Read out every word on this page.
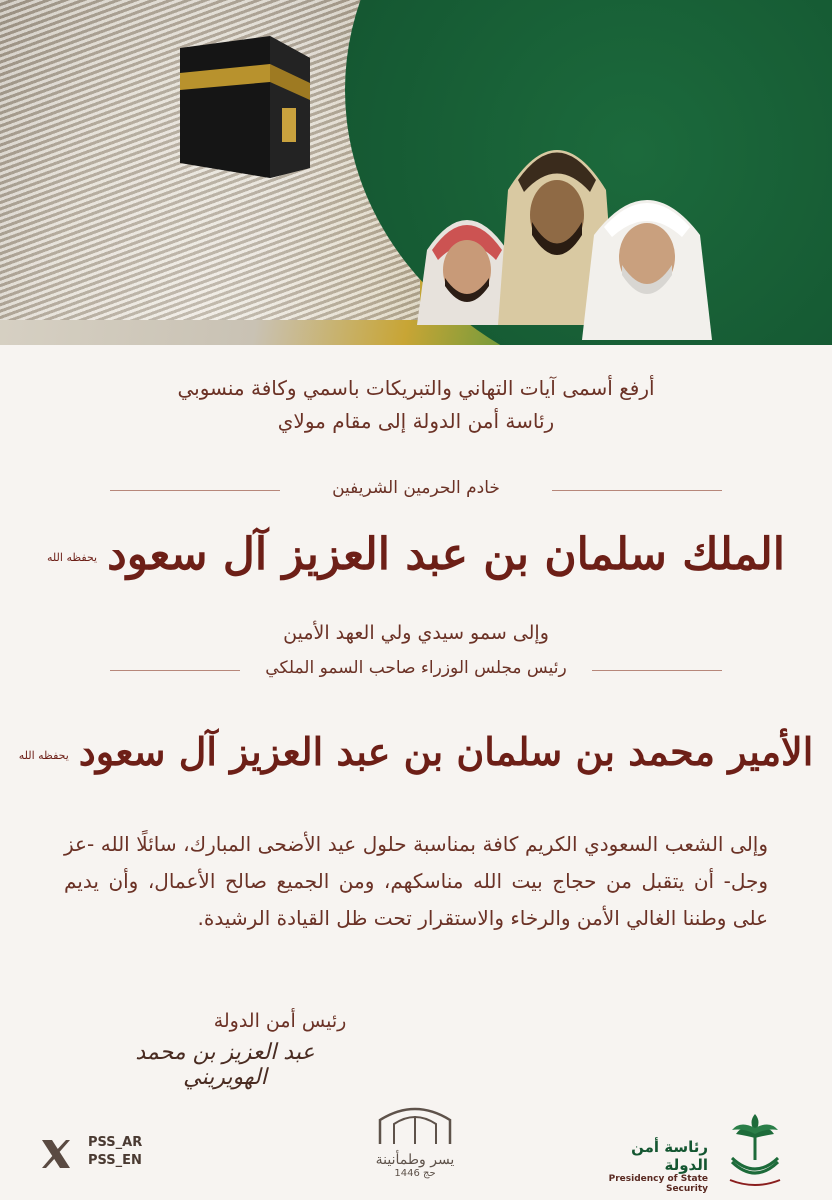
أرفع أسمى آيات التهاني والتبريكات باسمي وكافة منسوبي
رئاسة أمن الدولة إلى مقام مولاي
خادم الحرمين الشريفين
الملك سلمان بن عبد العزيز آل سعوديحفظه الله
وإلى سمو سيدي ولي العهد الأمين
رئيس مجلس الوزراء صاحب السمو الملكي
الأمير محمد بن سلمان بن عبد العزيز آل سعوديحفظه الله
وإلى الشعب السعودي الكريم كافة بمناسبة حلول عيد الأضحى المبارك، سائلًا الله -عز وجل- أن يتقبل من حجاج بيت الله مناسكهم، ومن الجميع صالح الأعمال، وأن يديم على وطننا الغالي الأمن والرخاء والاستقرار تحت ظل القيادة الرشيدة.
رئيس أمن الدولة
عبد العزيز بن محمد الهويريني
PSS_AR
PSS_EN	يسر وطمأنينة
حج 1446
رئاسة أمن الدولة
Presidency of State Security
